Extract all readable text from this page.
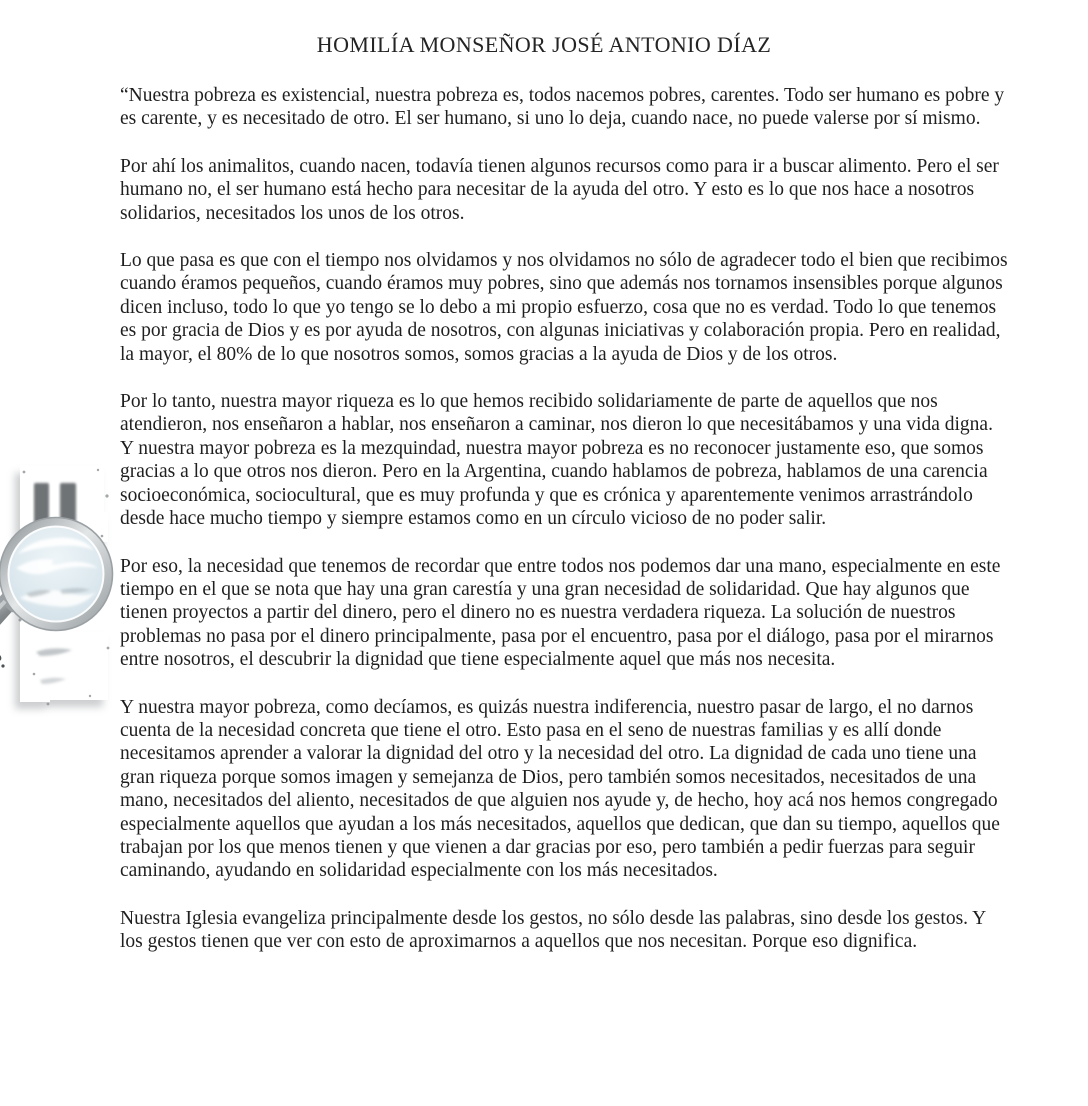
HOMILÍA MONSEÑOR JOSÉ ANTONIO DÍAZ

“Nuestra pobreza es existencial, nuestra pobreza es, todos nacemos pobres, carentes. Todo ser humano es pobre y es carente, y es necesitado de otro. El ser humano, si uno lo deja, cuando nace, no puede valerse por sí mismo.

Por ahí los animalitos, cuando nacen, todavía tienen algunos recursos como para ir a buscar alimento. Pero el ser humano no, el ser humano está hecho para necesitar de la ayuda del otro. Y esto es lo que nos hace a nosotros solidarios, necesitados los unos de los otros.

Lo que pasa es que con el tiempo nos olvidamos y nos olvidamos no sólo de agradecer todo el bien que recibimos cuando éramos pequeños, cuando éramos muy pobres, sino que además nos tornamos insensibles porque algunos dicen incluso, todo lo que yo tengo se lo debo a mi propio esfuerzo, cosa que no es verdad. Todo lo que tenemos es por gracia de Dios y es por ayuda de nosotros, con algunas iniciativas y colaboración propia. Pero en realidad, la mayor, el 80% de lo que nosotros somos, somos gracias a la ayuda de Dios y de los otros.

Por lo tanto, nuestra mayor riqueza es lo que hemos recibido solidariamente de parte de aquellos que nos atendieron, nos enseñaron a hablar, nos enseñaron a caminar, nos dieron lo que necesitábamos y una vida digna. Y nuestra mayor pobreza es la mezquindad, nuestra mayor pobreza es no reconocer justamente eso, que somos gracias a lo que otros nos dieron. Pero en la Argentina, cuando hablamos de pobreza, hablamos de una carencia socioeconómica, sociocultural, que es muy profunda y que es crónica y aparentemente venimos arrastrándolo desde hace mucho tiempo y siempre estamos como en un círculo vicioso de no poder salir.

Por eso, la necesidad que tenemos de recordar que entre todos nos podemos dar una mano, especialmente en este tiempo en el que se nota que hay una gran carestía y una gran necesidad de solidaridad. Que hay algunos que tienen proyectos a partir del dinero, pero el dinero no es nuestra verdadera riqueza. La solución de nuestros problemas no pasa por el dinero principalmente, pasa por el encuentro, pasa por el diálogo, pasa por el mirarnos entre nosotros, el descubrir la dignidad que tiene especialmente aquel que más nos necesita.

Y nuestra mayor pobreza, como decíamos, es quizás nuestra indiferencia, nuestro pasar de largo, el no darnos cuenta de la necesidad concreta que tiene el otro. Esto pasa en el seno de nuestras familias y es allí donde necesitamos aprender a valorar la dignidad del otro y la necesidad del otro. La dignidad de cada uno tiene una gran riqueza porque somos imagen y semejanza de Dios, pero también somos necesitados, necesitados de una mano, necesitados del aliento, necesitados de que alguien nos ayude y, de hecho, hoy acá nos hemos congregado especialmente aquellos que ayudan a los más necesitados, aquellos que dedican, que dan su tiempo, aquellos que trabajan por los que menos tienen y que vienen a dar gracias por eso, pero también a pedir fuerzas para seguir caminando, ayudando en solidaridad especialmente con los más necesitados.

Nuestra Iglesia evangeliza principalmente desde los gestos, no sólo desde las palabras, sino desde los gestos. Y los gestos tienen que ver con esto de aproximarnos a aquellos que nos necesitan. Porque eso dignifica.
